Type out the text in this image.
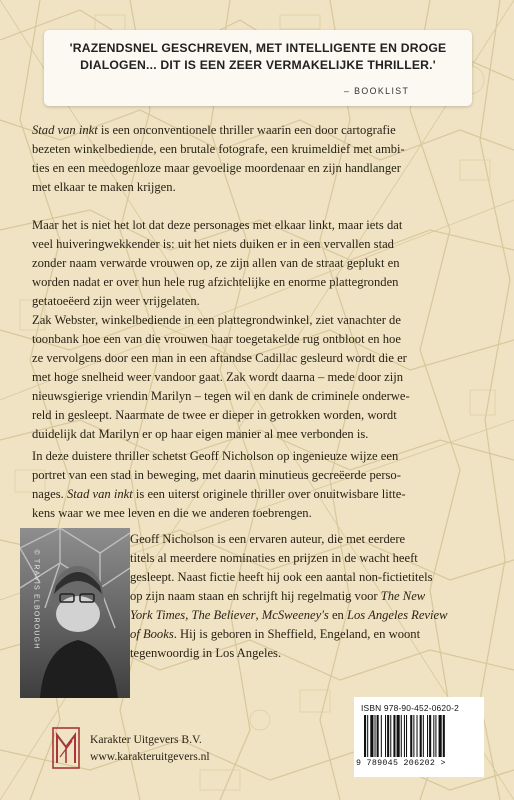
'RAZENDSNEL GESCHREVEN, MET INTELLIGENTE EN DROGE
DIALOGEN... DIT IS EEN ZEER VERMAKELIJKE THRILLER.'
– BOOKLIST
Stad van inkt is een onconventionele thriller waarin een door cartografie
bezeten winkelbediende, een brutale fotografe, een kruimeldief met ambi-
ties en een meedogenloze maar gevoelige moordenaar en zijn handlanger
met elkaar te maken krijgen.
Maar het is niet het lot dat deze personages met elkaar linkt, maar iets dat
veel huiveringwekkender is: uit het niets duiken er in een vervallen stad
zonder naam verwarde vrouwen op, ze zijn allen van de straat geplukt en
worden nadat er over hun hele rug afzichtelijke en enorme plattegronden
getatoeëerd zijn weer vrijgelaten.
Zak Webster, winkelbediende in een plattegrondwinkel, ziet vanachter de
toonbank hoe een van die vrouwen haar toegetakelde rug ontbloot en hoe
ze vervolgens door een man in een aftandse Cadillac gesleurd wordt die er
met hoge snelheid weer vandoor gaat. Zak wordt daarna – mede door zijn
nieuwsgierige vriendin Marilyn – tegen wil en dank de criminele onderwe-
reld in gesleept. Naarmate de twee er dieper in getrokken worden, wordt
duidelijk dat Marilyn er op haar eigen manier al mee verbonden is.
In deze duistere thriller schetst Geoff Nicholson op ingenieuze wijze een
portret van een stad in beweging, met daarin minutieus gecreëerde perso-
nages. Stad van inkt is een uiterst originele thriller over onuitwisbare litte-
kens waar we mee leven en die we anderen toebrengen.
© TRAVIS ELBOROUGH
Geoff Nicholson is een ervaren auteur, die met eerdere
titels al meerdere nominaties en prijzen in de wacht heeft
gesleept. Naast fictie heeft hij ook een aantal non-fictietitels
op zijn naam staan en schrijft hij regelmatig voor The New
York Times, The Believer, McSweeney's en Los Angeles Review
of Books. Hij is geboren in Sheffield, Engeland, en woont
tegenwoordig in Los Angeles.
ISBN 978-90-452-0620-2
9 789045 206202 >
Karakter Uitgevers B.V.
www.karakteruitgevers.nl
